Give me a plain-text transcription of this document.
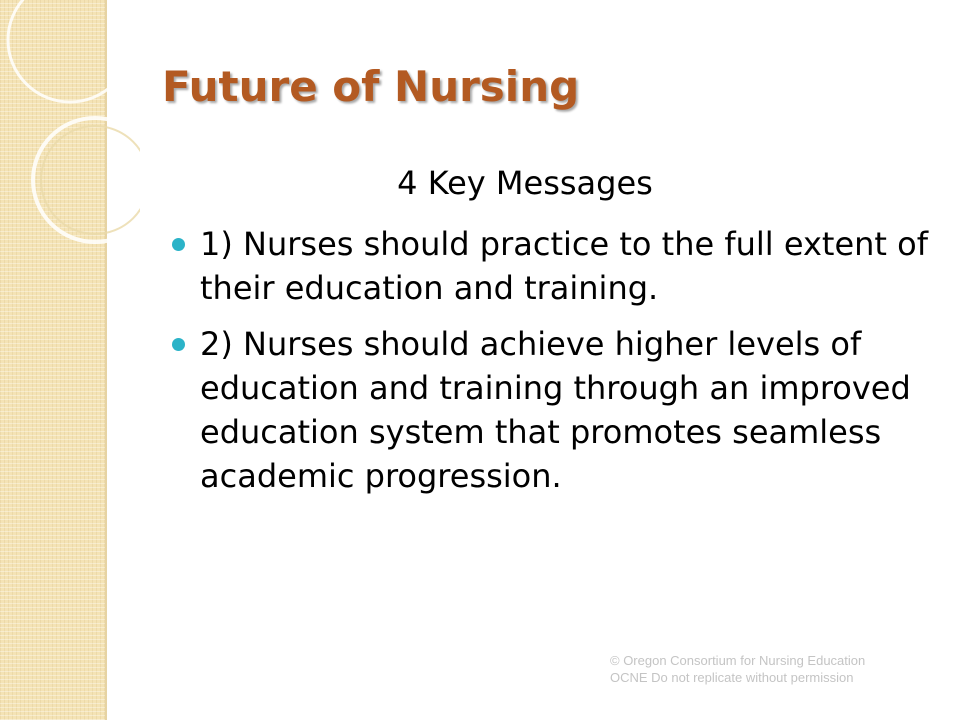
Future of Nursing

4 Key Messages

1) Nurses should practice to the full extent of their education and training.
2) Nurses should achieve higher levels of education and training through an improved education system that promotes seamless academic progression.

© Oregon Consortium for Nursing Education OCNE Do not replicate without permission
